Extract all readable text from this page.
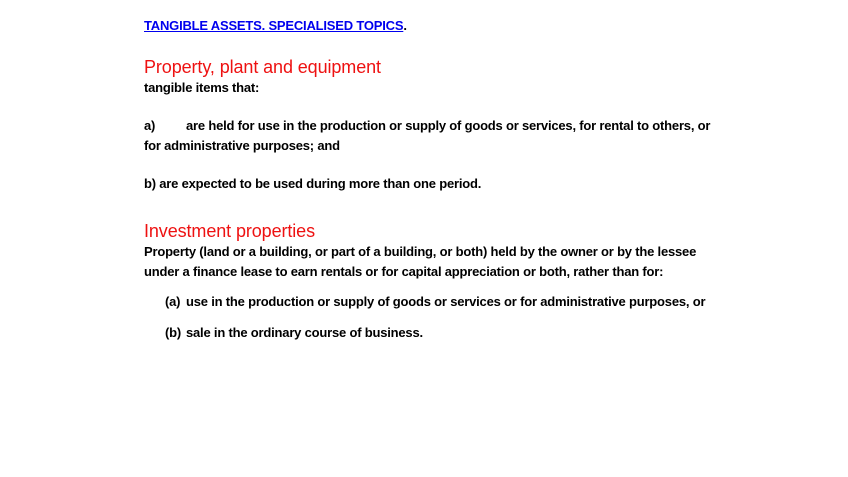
TANGIBLE ASSETS. SPECIALISED TOPICS.
Property, plant and equipment

tangible items that:

a) are held for use in the production or supply of goods or services, for rental to others, or for administrative purposes; and

b) are expected to be used during more than one period.

Investment properties

Property (land or a building, or part of a building, or both) held by the owner or by the lessee under a finance lease to earn rentals or for capital appreciation or both, rather than for:

(a) use in the production or supply of goods or services or for administrative purposes, or
(b) sale in the ordinary course of business.
